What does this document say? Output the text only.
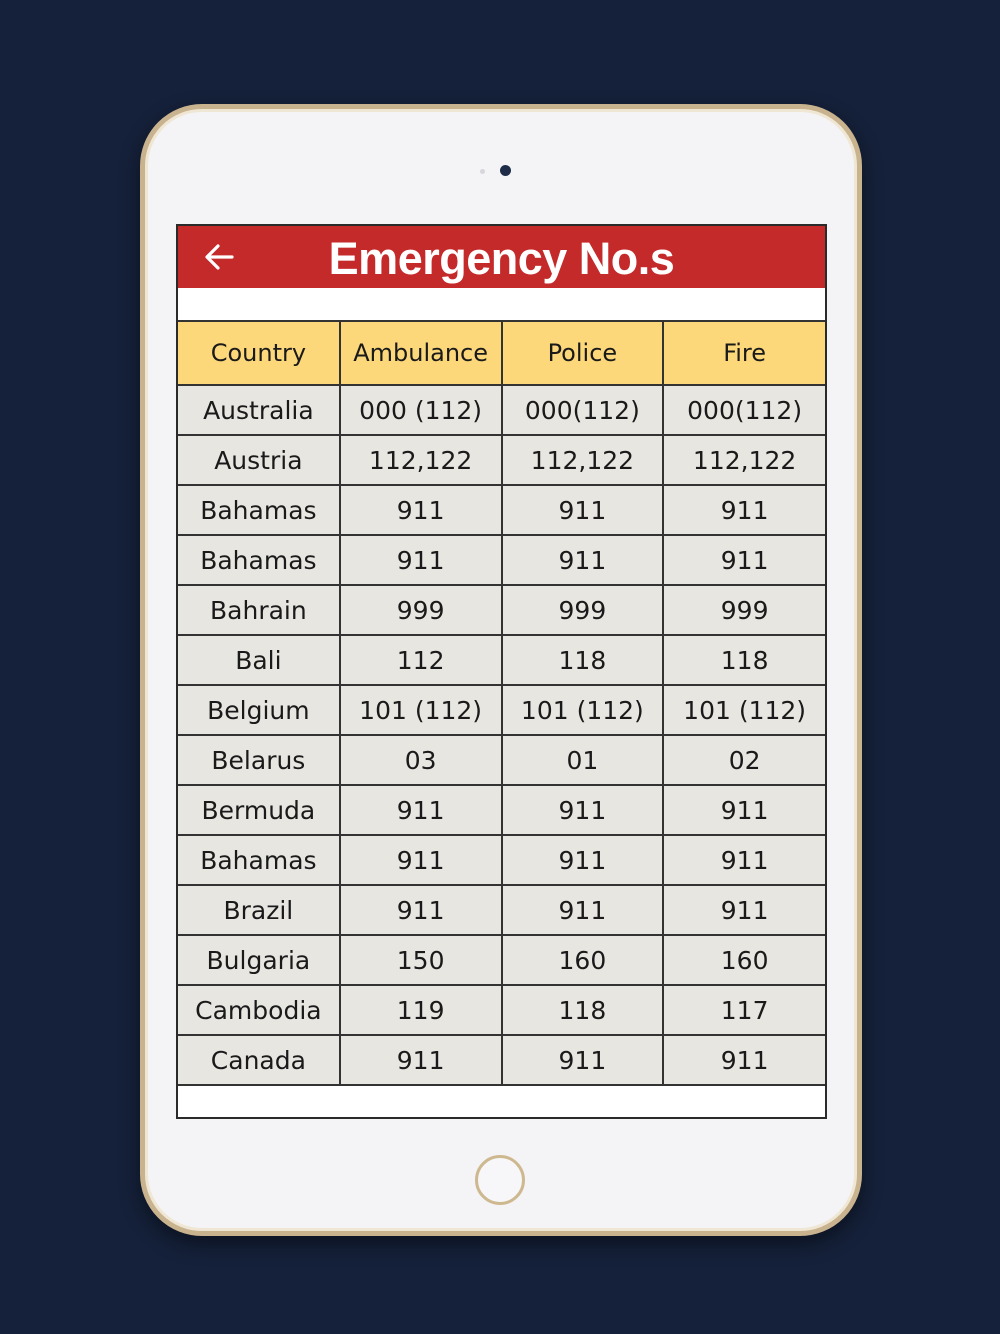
Emergency No.s
Country	Ambulance	Police	Fire
Australia	000 (112)	000(112)	000(112)
Austria	112,122	112,122	112,122
Bahamas	911	911	911
Bahamas	911	911	911
Bahrain	999	999	999
Bali	112	118	118
Belgium	101 (112)	101 (112)	101 (112)
Belarus	03	01	02
Bermuda	911	911	911
Bahamas	911	911	911
Brazil	911	911	911
Bulgaria	150	160	160
Cambodia	119	118	117
Canada	911	911	911
